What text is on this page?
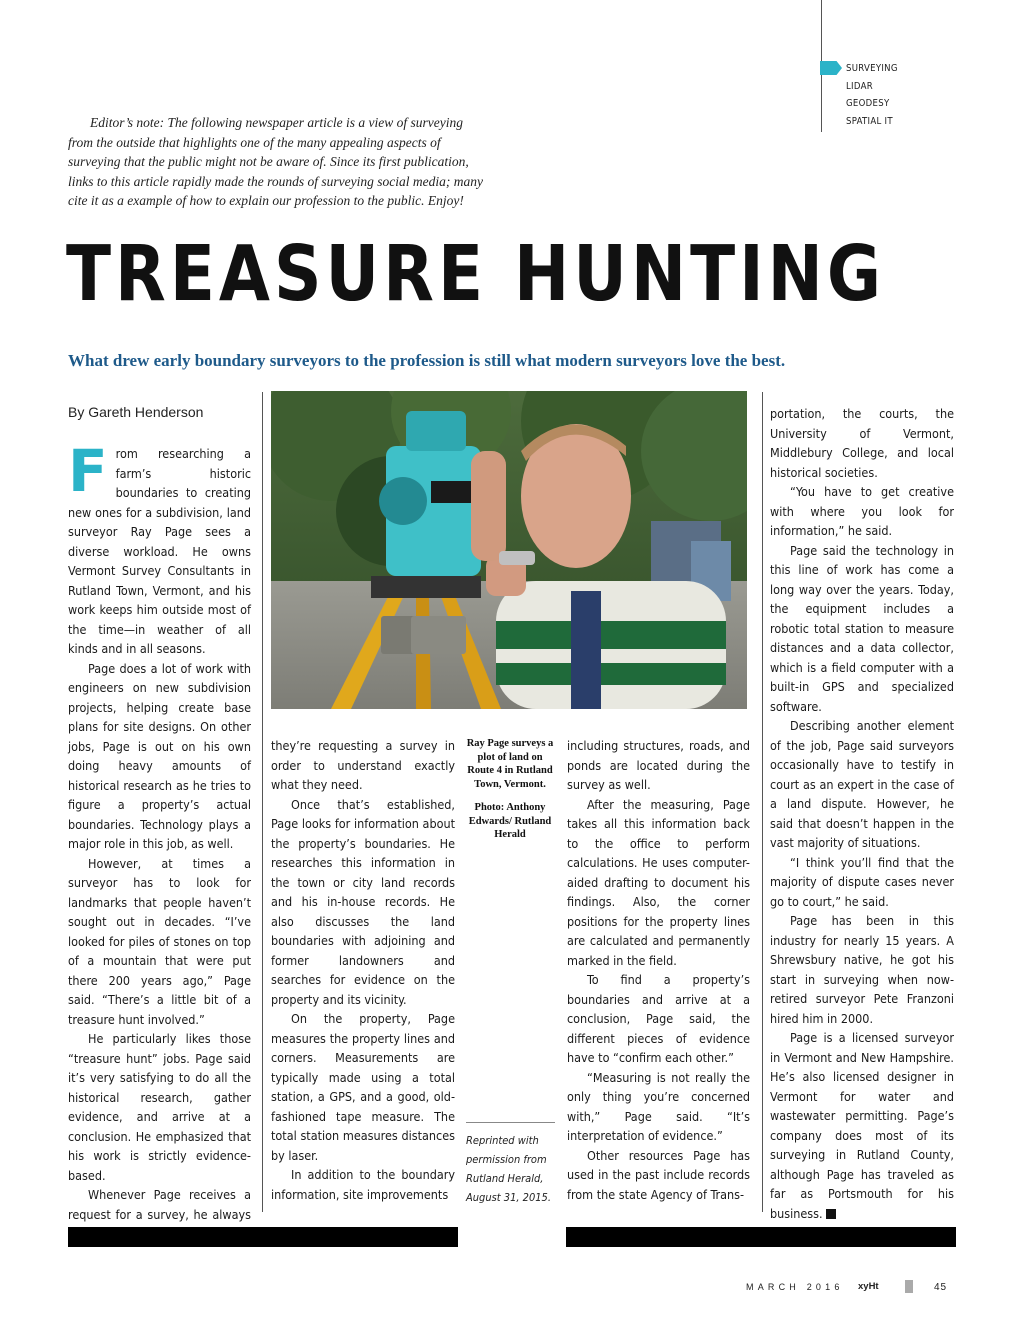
SURVEYING
LIDAR
GEODESY
SPATIAL IT
Editor’s note: The following newspaper article is a view of surveying from the outside that highlights one of the many appealing aspects of surveying that the public might not be aware of. Since its first publication, links to this article rapidly made the rounds of surveying social media; many cite it as a example of how to explain our profession to the public. Enjoy!
TREASURE HUNTING
What drew early boundary surveyors to the profession is still what modern surveyors love the best.
By Gareth Henderson

From researching a farm’s historic boundaries to creating new ones for a subdivision, land surveyor Ray Page sees a diverse workload. He owns Vermont Survey Consultants in Rutland Town, Vermont, and his work keeps him outside most of the time—in weather of all kinds and in all seasons.

Page does a lot of work with engineers on new subdivision projects, helping create base plans for site designs. On other jobs, Page is out on his own doing heavy amounts of historical research as he tries to figure a property’s actual boundaries. Technology plays a major role in this job, as well.

However, at times a surveyor has to look for landmarks that people haven’t sought out in decades. “I’ve looked for piles of stones on top of a mountain that were put there 200 years ago,” Page said. “There’s a little bit of a treasure hunt involved.”

He particularly likes those “treasure hunt” jobs. Page said it’s very satisfying to do all the historical research, gather evidence, and arrive at a conclusion. He emphasized that his work is strictly evidence-based.

Whenever Page receives a request for a survey, he always

they’re requesting a survey in order to understand exactly what they need.

Once that’s established, Page looks for information about the property’s boundaries. He researches this information in the town or city land records and his in-house records. He also discusses the land boundaries with adjoining and former landowners and searches for evidence on the property and its vicinity.

On the property, Page measures the property lines and corners. Measurements are typically made using a total station, a GPS, and a good, old-fashioned tape measure. The total station measures distances by laser.

In addition to the boundary information, site improvements

Ray Page surveys a plot of land on Route 4 in Rutland Town, Vermont.
Photo: Anthony Edwards/ Rutland Herald
Reprinted with permission from Rutland Herald, August 31, 2015.

including structures, roads, and ponds are located during the survey as well.

After the measuring, Page takes all this information back to the office to perform calculations. He uses computer-aided drafting to document his findings. Also, the corner positions for the property lines are calculated and permanently marked in the field.

To find a property’s boundaries and arrive at a conclusion, Page said, the different pieces of evidence have to “confirm each other.”

“Measuring is not really the only thing you’re concerned with,” Page said. “It’s interpretation of evidence.”

Other resources Page has used in the past include records from the state Agency of Trans-

portation, the courts, the University of Vermont, Middlebury College, and local historical societies.

“You have to get creative with where you look for information,” he said.

Page said the technology in this line of work has come a long way over the years. Today, the equipment includes a robotic total station to measure distances and a data collector, which is a field computer with a built-in GPS and specialized software.

Describing another element of the job, Page said surveyors occasionally have to testify in court as an expert in the case of a land dispute. However, he said that doesn’t happen in the vast majority of situations.

“I think you’ll find that the majority of dispute cases never go to court,” he said.

Page has been in this industry for nearly 15 years. A Shrewsbury native, he got his start in surveying when now-retired surveyor Pete Franzoni hired him in 2000.

Page is a licensed surveyor in Vermont and New Hampshire. He’s also licensed designer in Vermont for water and wastewater permitting. Page’s company does most of its surveying in Rutland County, although Page has traveled as far as Portsmouth for his business.

MARCH 2016 xyHt	45
